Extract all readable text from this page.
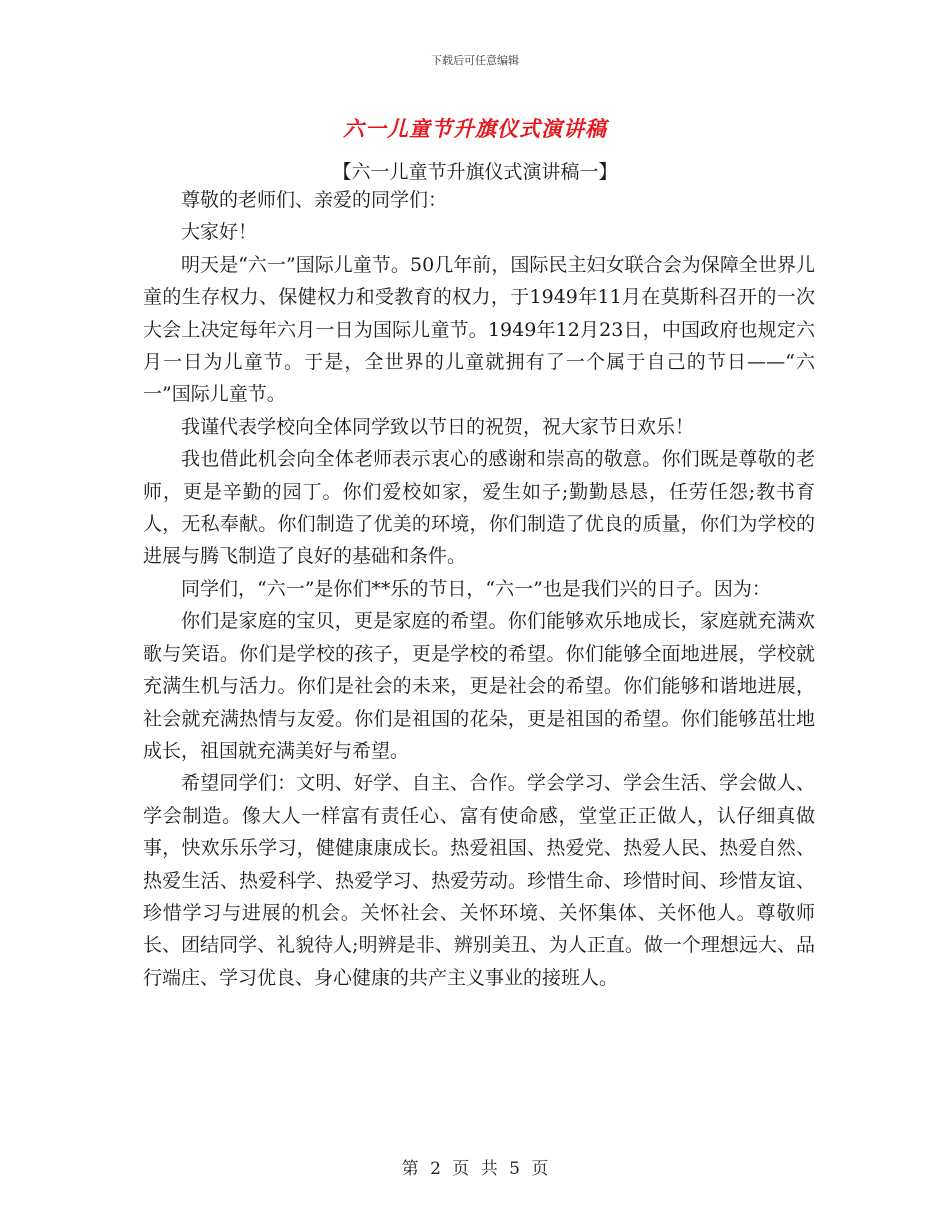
下载后可任意编辑
六一儿童节升旗仪式演讲稿
【六一儿童节升旗仪式演讲稿一】

尊敬的老师们、亲爱的同学们：

大家好！

明天是“六一”国际儿童节。50几年前，国际民主妇女联合会为保障全世界儿童的生存权力、保健权力和受教育的权力，于1949年11月在莫斯科召开的一次大会上决定每年六月一日为国际儿童节。1949年12月23日，中国政府也规定六月一日为儿童节。于是，全世界的儿童就拥有了一个属于自己的节日——“六一”国际儿童节。

我谨代表学校向全体同学致以节日的祝贺，祝大家节日欢乐！

我也借此机会向全体老师表示衷心的感谢和崇高的敬意。你们既是尊敬的老师，更是辛勤的园丁。你们爱校如家，爱生如子;勤勤恳恳，任劳任怨;教书育人，无私奉献。你们制造了优美的环境，你们制造了优良的质量，你们为学校的进展与腾飞制造了良好的基础和条件。

同学们，“六一”是你们**乐的节日，“六一”也是我们兴的日子。因为：

你们是家庭的宝贝，更是家庭的希望。你们能够欢乐地成长，家庭就充满欢歌与笑语。你们是学校的孩子，更是学校的希望。你们能够全面地进展，学校就充满生机与活力。你们是社会的未来，更是社会的希望。你们能够和谐地进展，社会就充满热情与友爱。你们是祖国的花朵，更是祖国的希望。你们能够茁壮地成长，祖国就充满美好与希望。

希望同学们：文明、好学、自主、合作。学会学习、学会生活、学会做人、学会制造。像大人一样富有责任心、富有使命感，堂堂正正做人，认仔细真做事，快欢乐乐学习，健健康康成长。热爱祖国、热爱党、热爱人民、热爱自然、热爱生活、热爱科学、热爱学习、热爱劳动。珍惜生命、珍惜时间、珍惜友谊、珍惜学习与进展的机会。关怀社会、关怀环境、关怀集体、关怀他人。尊敬师长、团结同学、礼貌待人;明辨是非、辨别美丑、为人正直。做一个理想远大、品行端庄、学习优良、身心健康的共产主义事业的接班人。

第 2 页 共 5 页
